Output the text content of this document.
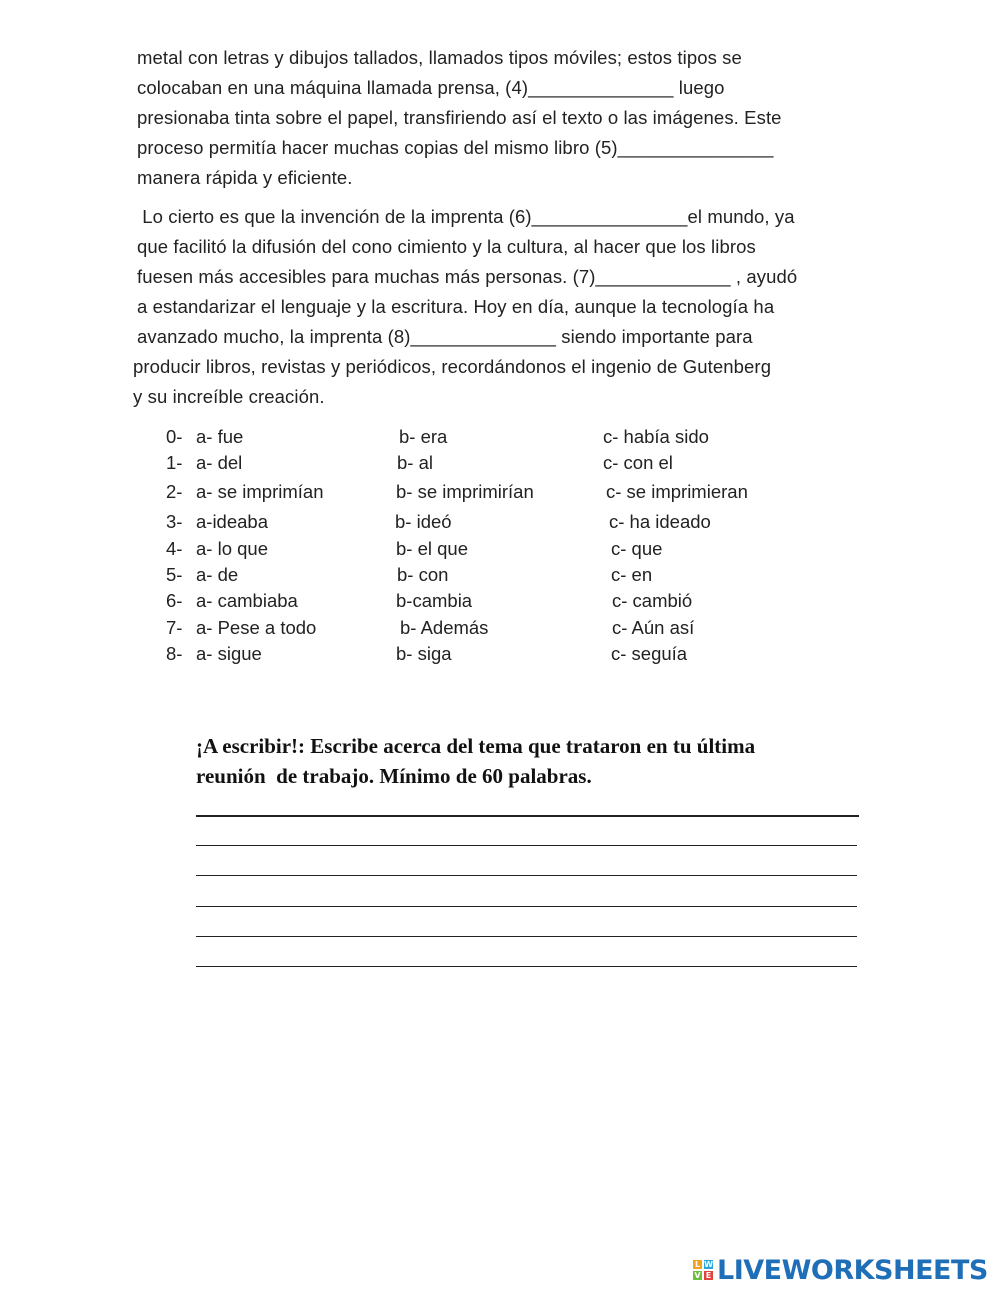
metal con letras y dibujos tallados, llamados tipos móviles; estos tipos se
colocaban en una máquina llamada prensa, (4)______________ luego
presionaba tinta sobre el papel, transfiriendo así el texto o las imágenes. Este
proceso permitía hacer muchas copias del mismo libro (5)_______________
manera rápida y eficiente.
Lo cierto es que la invención de la imprenta (6)_______________el mundo, ya
que facilitó la difusión del cono cimiento y la cultura, al hacer que los libros
fuesen más accesibles para muchas más personas. (7)_____________ , ayudó
a estandarizar el lenguaje y la escritura. Hoy en día, aunque la tecnología ha
avanzado mucho, la imprenta (8)______________ siendo importante para
producir libros, revistas y periódicos, recordándonos el ingenio de Gutenberg
y su increíble creación.
0- a- fue	b- era	c- había sido
1- a- del	b- al	c- con el
2- a- se imprimían	b- se imprimirían	c- se imprimieran
3- a-ideaba	b- ideó	c- ha ideado
4- a- lo que	b- el que	c- que
5- a- de	b- con	c- en
6- a- cambiaba	b-cambia	c- cambió
7- a- Pese a todo	b- Además	c- Aún así
8- a- sigue	b- siga	c- seguía
¡A escribir!: Escribe acerca del tema que trataron en tu última
reunión  de trabajo. Mínimo de 60 palabras.
L W
V E LIVEWORKSHEETS
